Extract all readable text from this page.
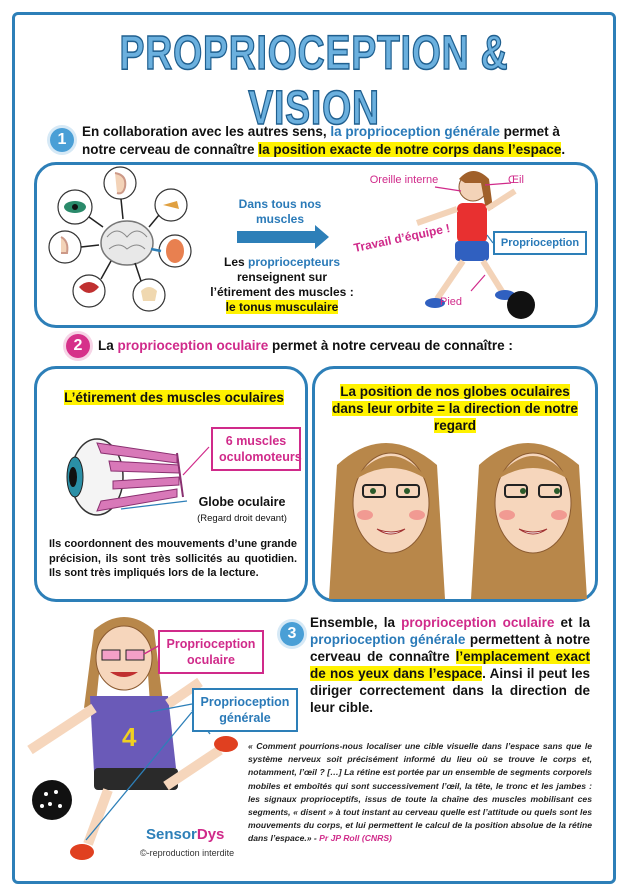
PROPRIOCEPTION & VISION
1	En collaboration avec les autres sens, la proprioception générale permet à notre cerveau de connaître la position exacte de notre corps dans l’espace.
Dans tous nos muscles
Les propriocepteurs renseignent sur l’étirement des muscles :
le tonus musculaire
Oreille interne	Œil
Travail d’équipe !	Proprioception
Pied
2	La proprioception oculaire permet à notre cerveau de connaître :
L’étirement des muscles oculaires
6 muscles oculomoteurs
Globe oculaire
(Regard droit devant)
Ils coordonnent des mouvements d’une grande précision, ils sont très sollicités au quotidien. Ils sont très impliqués lors de la lecture.
La position de nos globes oculaires dans leur orbite = la direction de notre regard
4
Proprioception oculaire
Proprioception générale
3
Ensemble, la proprioception oculaire et la proprioception générale permettent à notre cerveau de connaître l’emplacement exact de nos yeux dans l’espace. Ainsi il peut les diriger correctement dans la direction de leur cible.
« Comment pourrions-nous localiser une cible visuelle dans l’espace sans que le système nerveux soit précisément informé du lieu où se trouve le corps et, notamment, l’œil ? […] La rétine est portée par un ensemble de segments corporels mobiles et emboîtés qui sont successivement l’œil, la tête, le tronc et les jambes : les signaux proprioceptifs, issus de toute la chaîne des muscles mobilisant ces segments, « disent » à tout instant au cerveau quelle est l’attitude ou quels sont les mouvements du corps, et lui permettent le calcul de la position absolue de la rétine dans l’espace.» - Pr JP Roll (CNRS)
SensorDys
©-reproduction interdite
